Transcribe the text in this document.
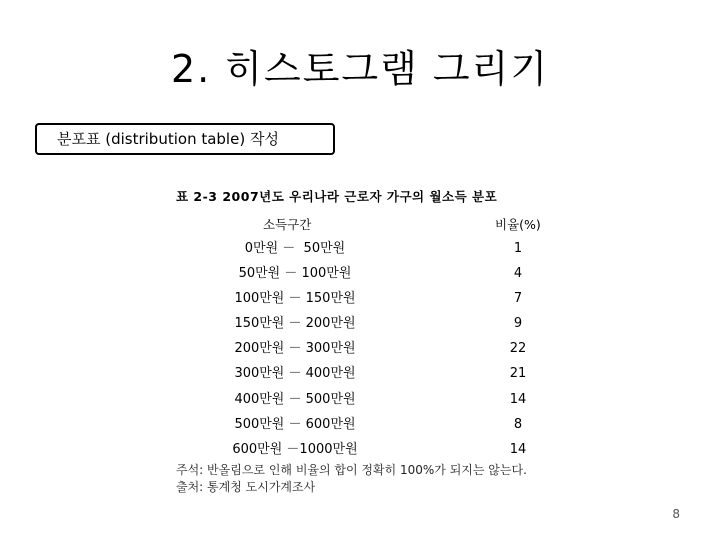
2. 히스토그램 그리기
분포표 (distribution table) 작성
표 2-3 2007년도 우리나라 근로자 가구의 월소득 분포
소득구간	비율(%)
0만원 －  50만원	1
50만원 － 100만원	4
100만원 － 150만원	7
150만원 － 200만원	9
200만원 － 300만원	22
300만원 － 400만원	21
400만원 － 500만원	14
500만원 － 600만원	8
600만원 －1000만원	14
주석: 반올림으로 인해 비율의 합이 정확히 100%가 되지는 않는다.
출처: 통계청 도시가계조사
8
